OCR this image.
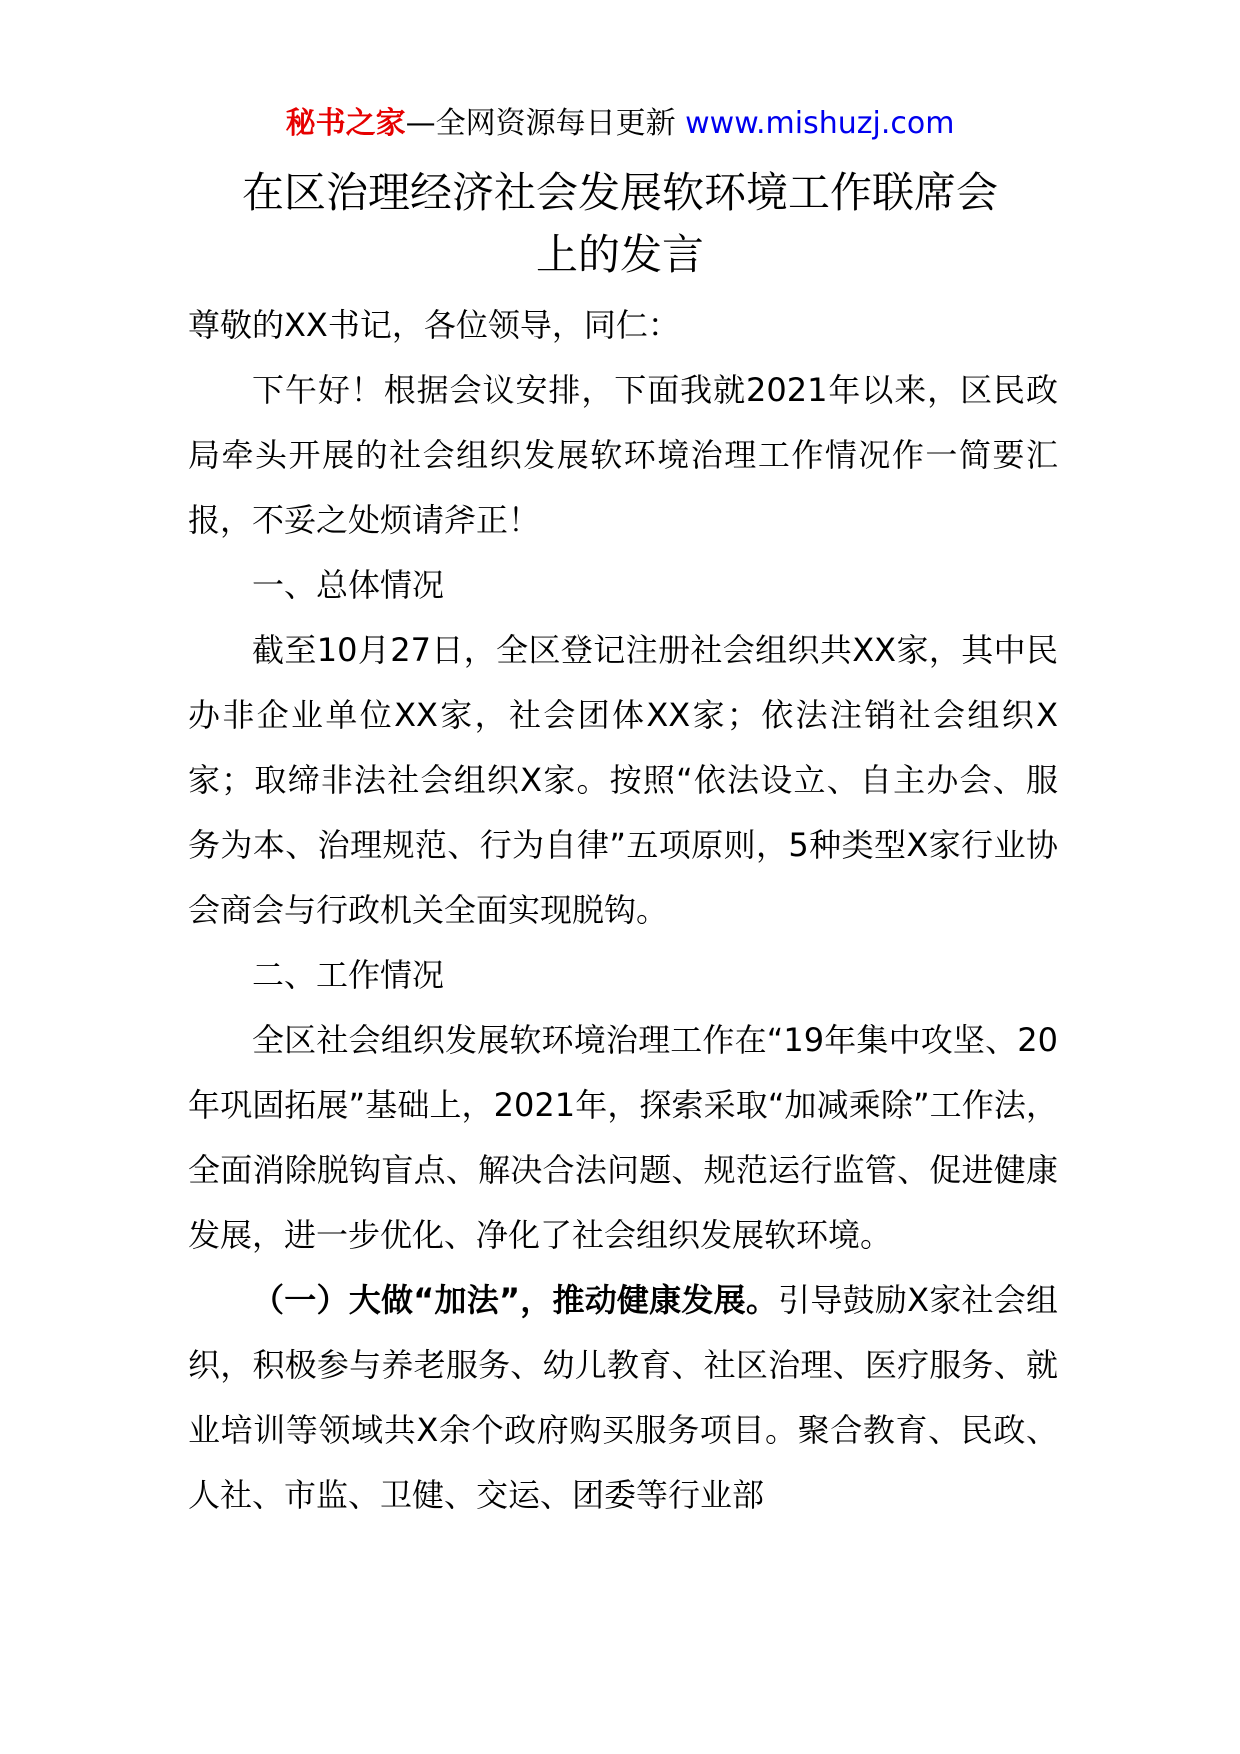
秘书之家—全网资源每日更新 www.mishuzj.com
在区治理经济社会发展软环境工作联席会
上的发言

尊敬的XX书记，各位领导，同仁：

下午好！根据会议安排，下面我就2021年以来，区民政局牵头开展的社会组织发展软环境治理工作情况作一简要汇报，不妥之处烦请斧正！

一、总体情况

截至10月27日，全区登记注册社会组织共XX家，其中民办非企业单位XX家，社会团体XX家；依法注销社会组织X家；取缔非法社会组织X家。按照“依法设立、自主办会、服务为本、治理规范、行为自律”五项原则，5种类型X家行业协会商会与行政机关全面实现脱钩。

二、工作情况

全区社会组织发展软环境治理工作在“19年集中攻坚、20年巩固拓展”基础上，2021年，探索采取“加减乘除”工作法，全面消除脱钩盲点、解决合法问题、规范运行监管、促进健康发展，进一步优化、净化了社会组织发展软环境。

（一）大做“加法”，推动健康发展。引导鼓励X家社会组织，积极参与养老服务、幼儿教育、社区治理、医疗服务、就业培训等领域共X余个政府购买服务项目。聚合教育、民政、人社、市监、卫健、交运、团委等行业部
